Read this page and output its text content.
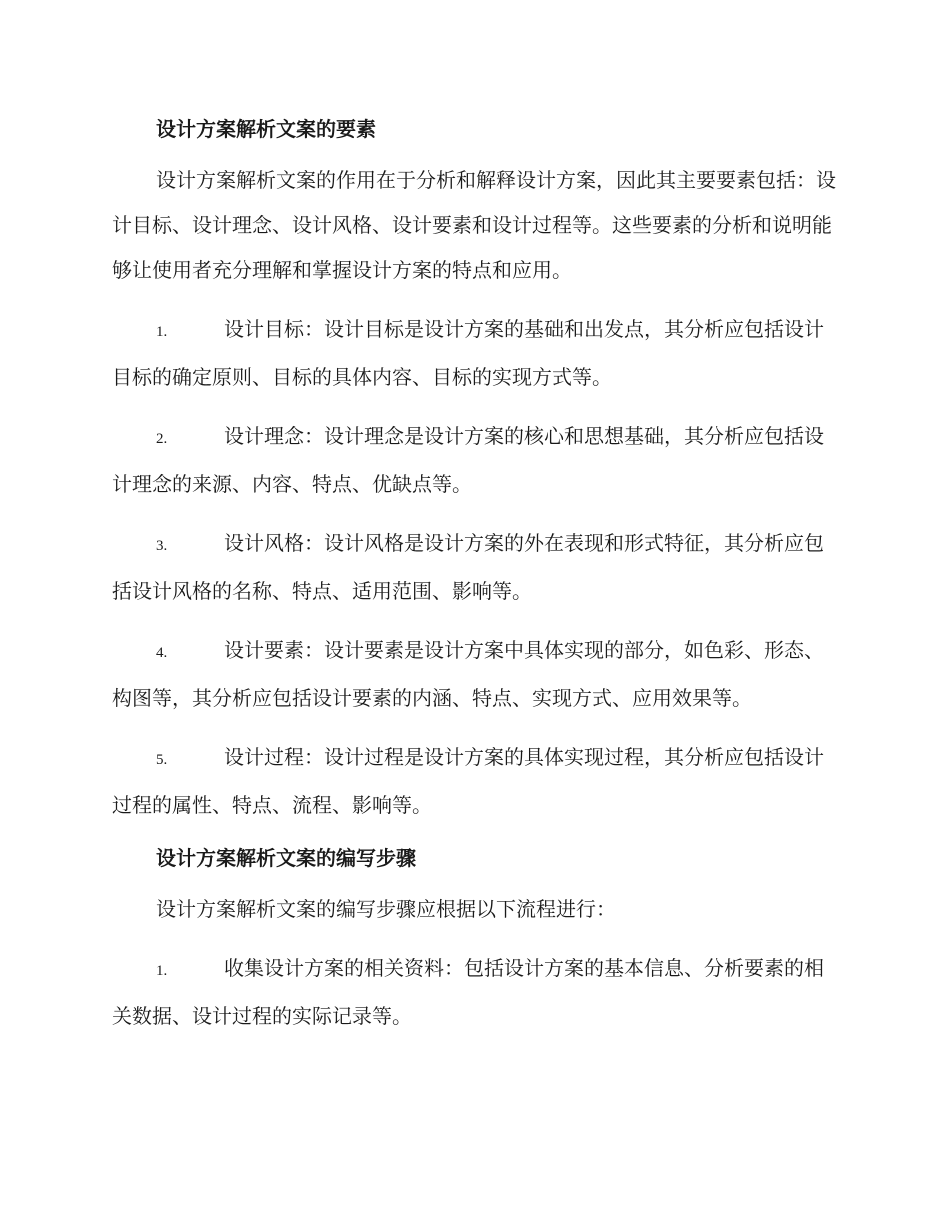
设计方案解析文案的要素

设计方案解析文案的作用在于分析和解释设计方案，因此其主要要素包括：设计目标、设计理念、设计风格、设计要素和设计过程等。这些要素的分析和说明能够让使用者充分理解和掌握设计方案的特点和应用。

1.	设计目标：设计目标是设计方案的基础和出发点，其分析应包括设计目标的确定原则、目标的具体内容、目标的实现方式等。

2.	设计理念：设计理念是设计方案的核心和思想基础，其分析应包括设计理念的来源、内容、特点、优缺点等。

3.	设计风格：设计风格是设计方案的外在表现和形式特征，其分析应包括设计风格的名称、特点、适用范围、影响等。

4.	设计要素：设计要素是设计方案中具体实现的部分，如色彩、形态、构图等，其分析应包括设计要素的内涵、特点、实现方式、应用效果等。

5.	设计过程：设计过程是设计方案的具体实现过程，其分析应包括设计过程的属性、特点、流程、影响等。

设计方案解析文案的编写步骤

设计方案解析文案的编写步骤应根据以下流程进行：

1.	收集设计方案的相关资料：包括设计方案的基本信息、分析要素的相关数据、设计过程的实际记录等。
